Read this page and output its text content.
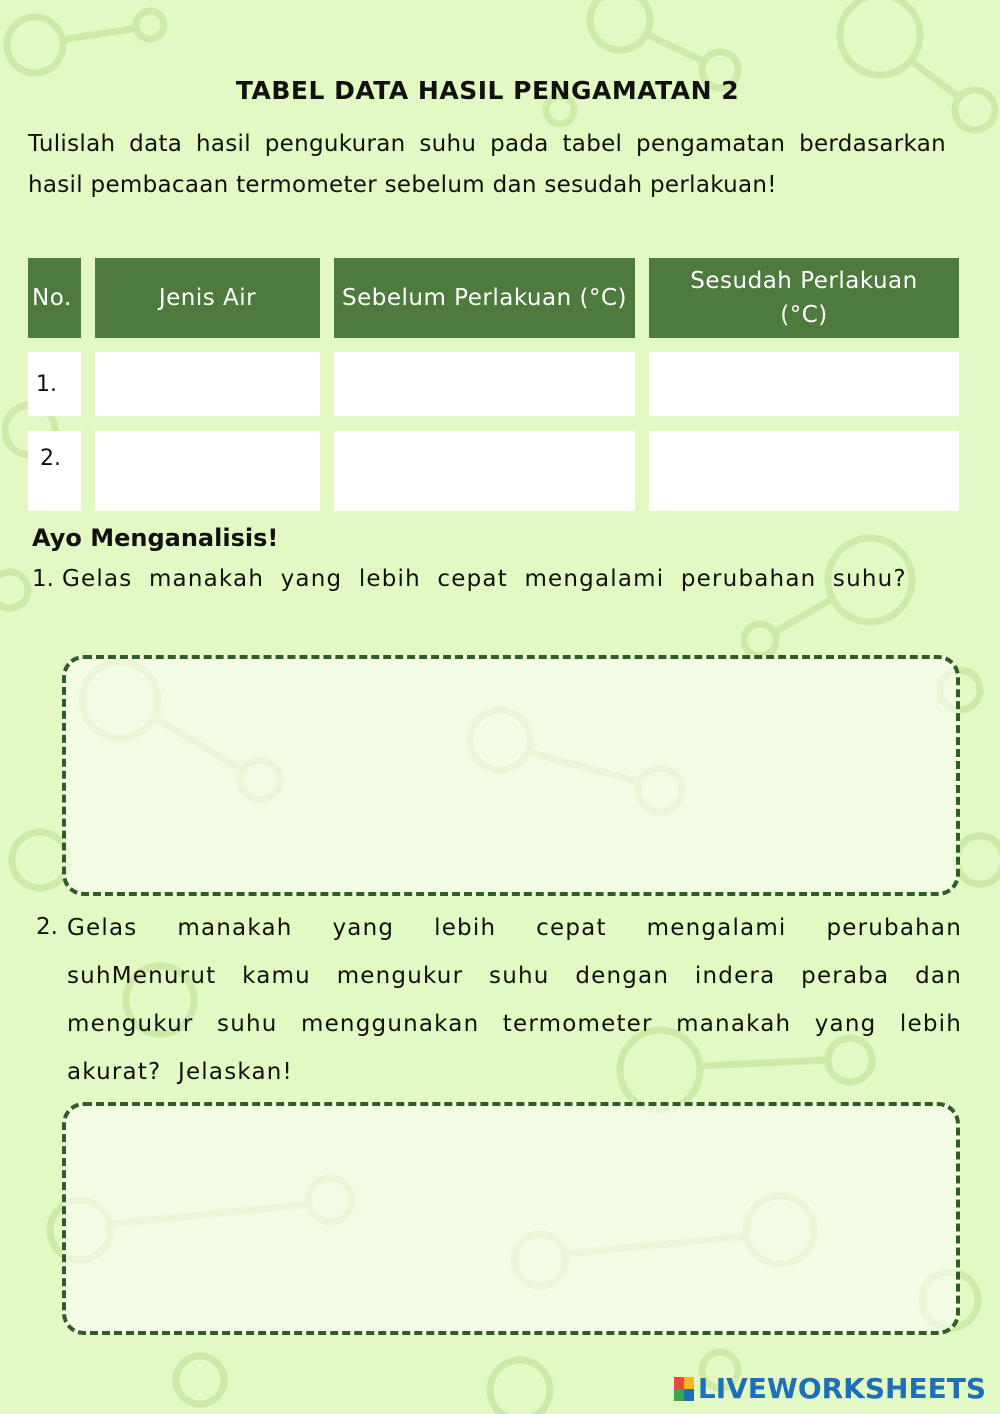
TABEL DATA HASIL PENGAMATAN 2
Tulislah data hasil pengukuran suhu pada tabel pengamatan berdasarkan hasil pembacaan termometer sebelum dan sesudah perlakuan!
No.	Jenis Air	Sebelum Perlakuan (°C)
Sesudah Perlakuan (°C)
1.
2.
Ayo Menganalisis!
1. Gelas manakah yang lebih cepat mengalami perubahan suhu?
2. Gelas manakah yang lebih cepat mengalami perubahan suhMenurut kamu mengukur suhu dengan indera peraba dan mengukur suhu menggunakan termometer manakah yang lebih akurat? Jelaskan!
LIVEWORKSHEETS
